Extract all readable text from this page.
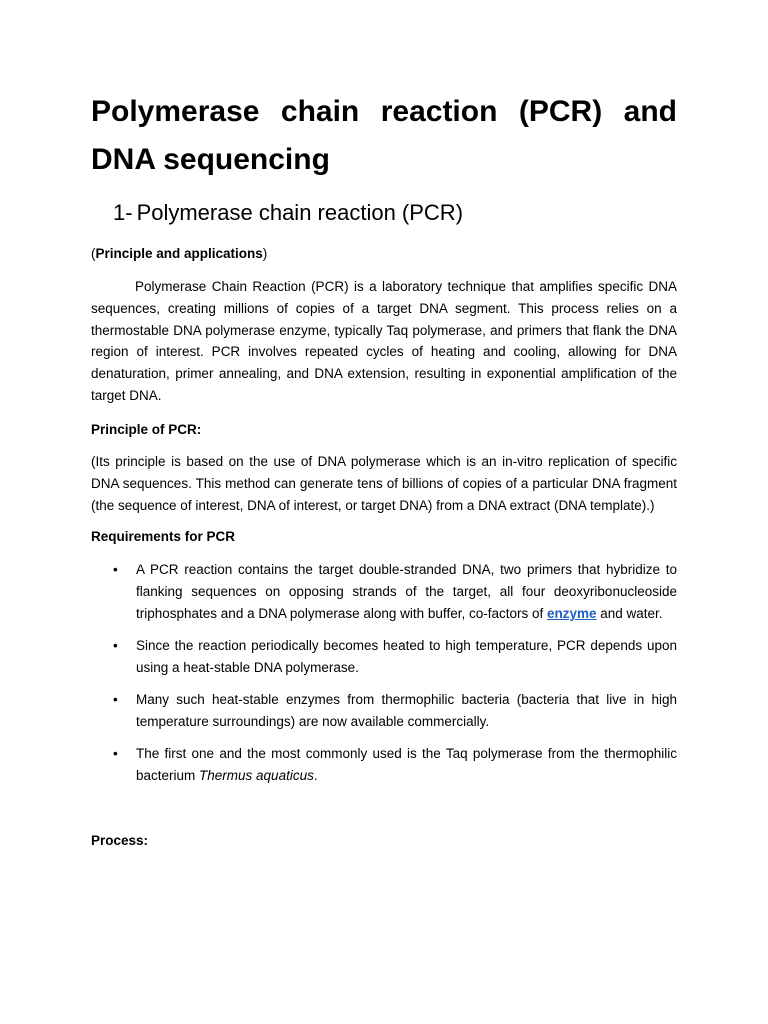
Polymerase chain reaction (PCR) and DNA sequencing
1- Polymerase chain reaction (PCR)

(Principle and applications)

Polymerase Chain Reaction (PCR) is a laboratory technique that amplifies specific DNA sequences, creating millions of copies of a target DNA segment. This process relies on a thermostable DNA polymerase enzyme, typically Taq polymerase, and primers that flank the DNA region of interest. PCR involves repeated cycles of heating and cooling, allowing for DNA denaturation, primer annealing, and DNA extension, resulting in exponential amplification of the target DNA.

Principle of PCR:

(Its principle is based on the use of DNA polymerase which is an in-vitro replication of specific DNA sequences. This method can generate tens of billions of copies of a particular DNA fragment (the sequence of interest, DNA of interest, or target DNA) from a DNA extract (DNA template).)

Requirements for PCR

• A PCR reaction contains the target double-stranded DNA, two primers that hybridize to flanking sequences on opposing strands of the target, all four deoxyribonucleoside triphosphates and a DNA polymerase along with buffer, co-factors of enzyme and water.
• Since the reaction periodically becomes heated to high temperature, PCR depends upon using a heat-stable DNA polymerase.
• Many such heat-stable enzymes from thermophilic bacteria (bacteria that live in high temperature surroundings) are now available commercially.
• The first one and the most commonly used is the Taq polymerase from the thermophilic bacterium Thermus aquaticus.

Process:
